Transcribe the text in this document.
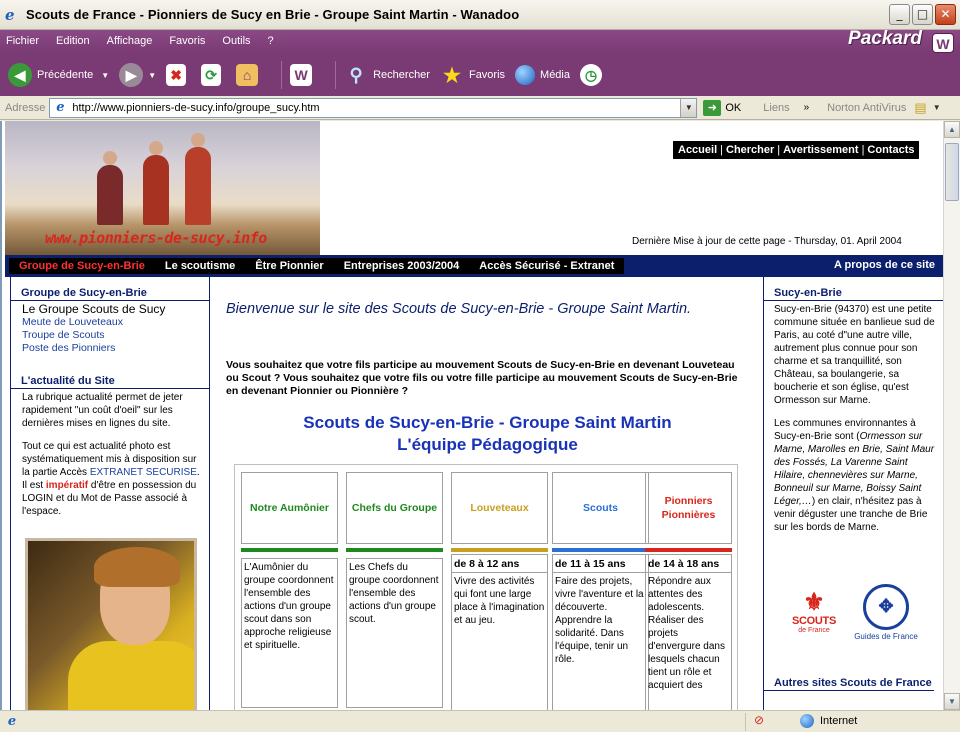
e Scouts de France - Pionniers de Sucy en Brie - Groupe Saint Martin - Wanadoo	_	□	✕
Fichier Edition Affichage Favoris Outils ?	Packard	W
◀	Précédente ▼	▶	▼ ✖ ⟳	⌂	W	⚲ Rechercher ★ Favoris	Média	◷
Adresse e http://www.pionniers-de-sucy.info/groupe_sucy.htm	▼	➜ OK Liens » Norton AntiVirus ▤ ▼
www.pionniers-de-sucy.info
Accueil | Chercher | Avertissement | Contacts
Dernière Mise à jour de cette page - Thursday, 01. April 2004
Groupe de Sucy-en-Brie	Le scoutisme	Être Pionnier	Entreprises 2003/2004	Accès Sécurisé - Extranet	A propos de ce site
Groupe de Sucy-en-Brie
Le Groupe Scouts de Sucy
Meute de Louveteaux
Troupe de Scouts
Poste des Pionniers
L'actualité du Site
La rubrique actualité permet de jeter rapidement "un coût d'oeil" sur les dernières mises en lignes du site.
Tout ce qui est actualité photo est systématiquement mis à disposition sur la partie Accès EXTRANET SECURISE. Il est impératif d'être en possession du LOGIN et du Mot de Passe associé à l'espace.
Bienvenue sur le site des Scouts de Sucy-en-Brie - Groupe Saint Martin.
Vous souhaitez que votre fils participe au mouvement Scouts de Sucy-en-Brie en devenant Louveteau ou Scout ? Vous souhaitez que votre fils ou votre fille participe au mouvement Scouts de Sucy-en-Brie en devenant Pionnier ou Pionnière ?
Scouts de Sucy-en-Brie - Groupe Saint Martin
L'équipe Pédagogique
Notre Aumônier
L'Aumônier du groupe coordonnent l'ensemble des actions d'un groupe scout dans son approche religieuse et spirituelle.
Chefs du Groupe
Les Chefs du groupe coordonnent l'ensemble des actions d'un groupe scout.
Louveteaux
de 8 à 12 ans
Vivre des activités qui font une large place à l'imagination et au jeu.
Scouts
de 11 à 15 ans
Faire des projets, vivre l'aventure et la découverte. Apprendre la solidarité. Dans l'équipe, tenir un rôle.
Pionniers Pionnières
de 14 à 18 ans
Répondre aux attentes des adolescents. Réaliser des projets d'envergure dans lesquels chacun tient un rôle et acquiert des
Sucy-en-Brie
Sucy-en-Brie (94370) est une petite commune située en banlieue sud de Paris, au coté d"une autre ville, autrement plus connue pour son charme et sa tranquillité, son Château, sa boulangerie, sa boucherie et son église, qu'est Ormesson sur Marne.
Les communes environnantes à Sucy-en-Brie sont (Ormesson sur Marne, Marolles en Brie, Saint Maur des Fossés, La Varenne Saint Hilaire, chennevières sur Marne, Bonneuil sur Marne, Boissy Saint Léger,…) en clair, n'hésitez pas à venir déguster une tranche de Brie sur les bords de Marne.
⚜
SCOUTS
de France
✥
Guides de France
Autres sites Scouts de France
▲
▼
e	⊘	Internet
